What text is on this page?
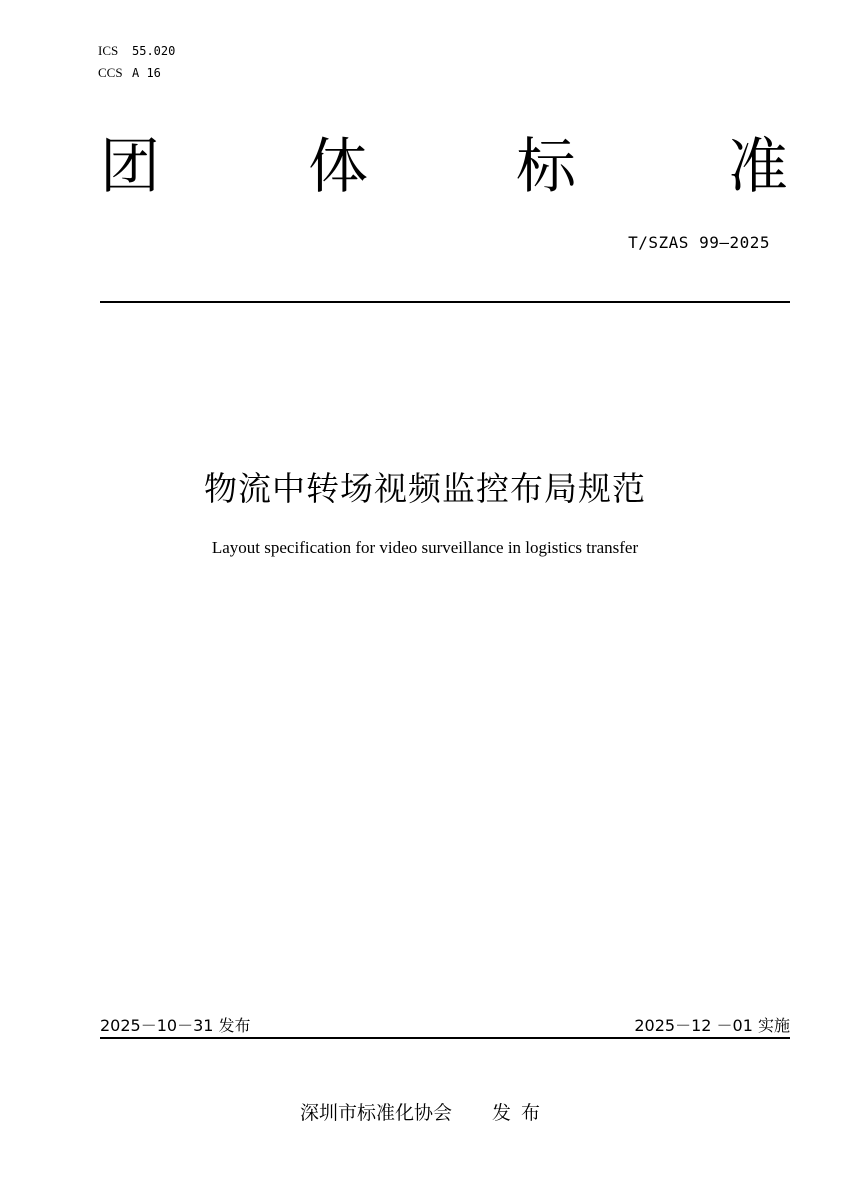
ICS 55.020
CCS A 16
团 体 标	准
T/SZAS 99—2025
物流中转场视频监控布局规范
Layout specification for video surveillance in logistics transfer
2025－10－31 发布	2025－12 －01 实施
深圳市标准化协会 发布
